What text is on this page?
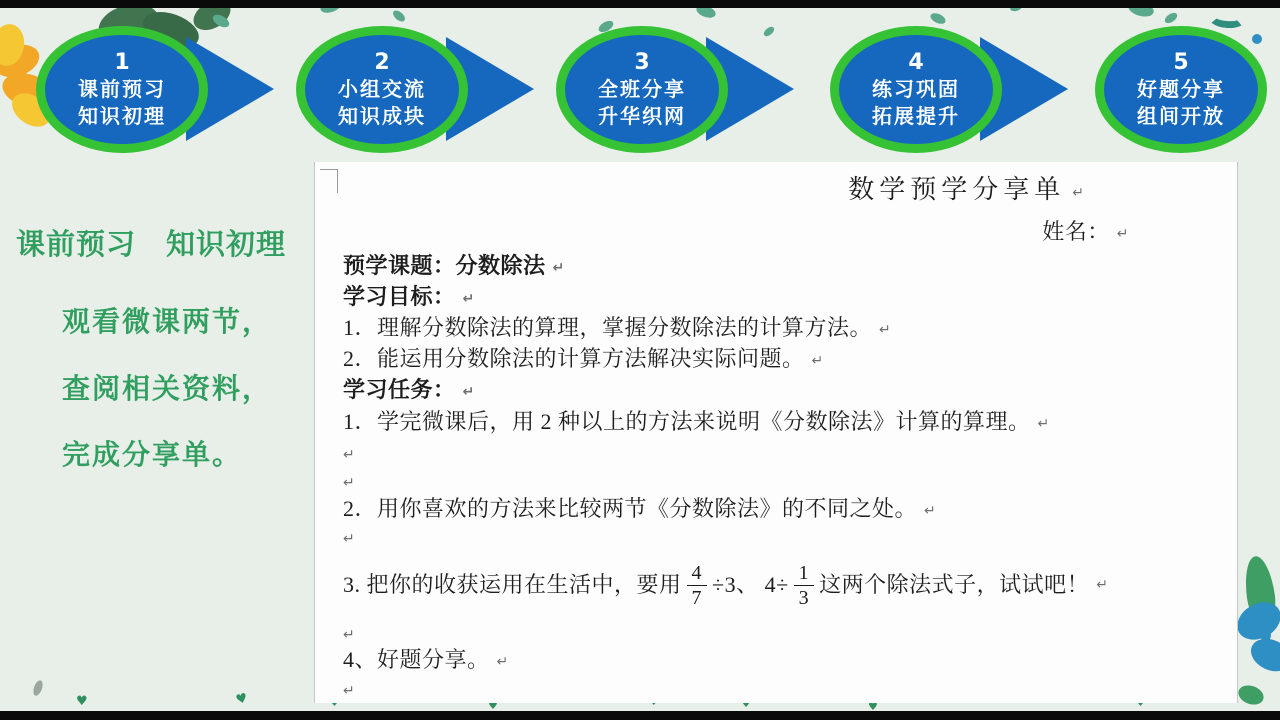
♥
♥
♥
♥
♥
♥
♥
♥
♥
♥
1
课前预习
知识初理
2
小组交流
知识成块
3
全班分享
升华织网
4
练习巩固
拓展提升
5
好题分享
组间开放
课前预习　知识初理
观看微课两节，
查阅相关资料，
完成分享单。
数学预学分享单 ↵
姓名： ↵
预学课题：分数除法 ↵
学习目标： ↵
1．理解分数除法的算理，掌握分数除法的计算方法。 ↵
2．能运用分数除法的计算方法解决实际问题。 ↵
学习任务： ↵
1．学完微课后，用 2 种以上的方法来说明《分数除法》计算的算理。 ↵
↵
↵
2．用你喜欢的方法来比较两节《分数除法》的不同之处。 ↵
↵
3. 把你的收获运用在生活中，要用 $\frac{4}{7} \div 3$、 $4\div \frac{1}{3}$ 这两个除法式子，试试吧！ ↵
↵
4、好题分享。 ↵
↵
